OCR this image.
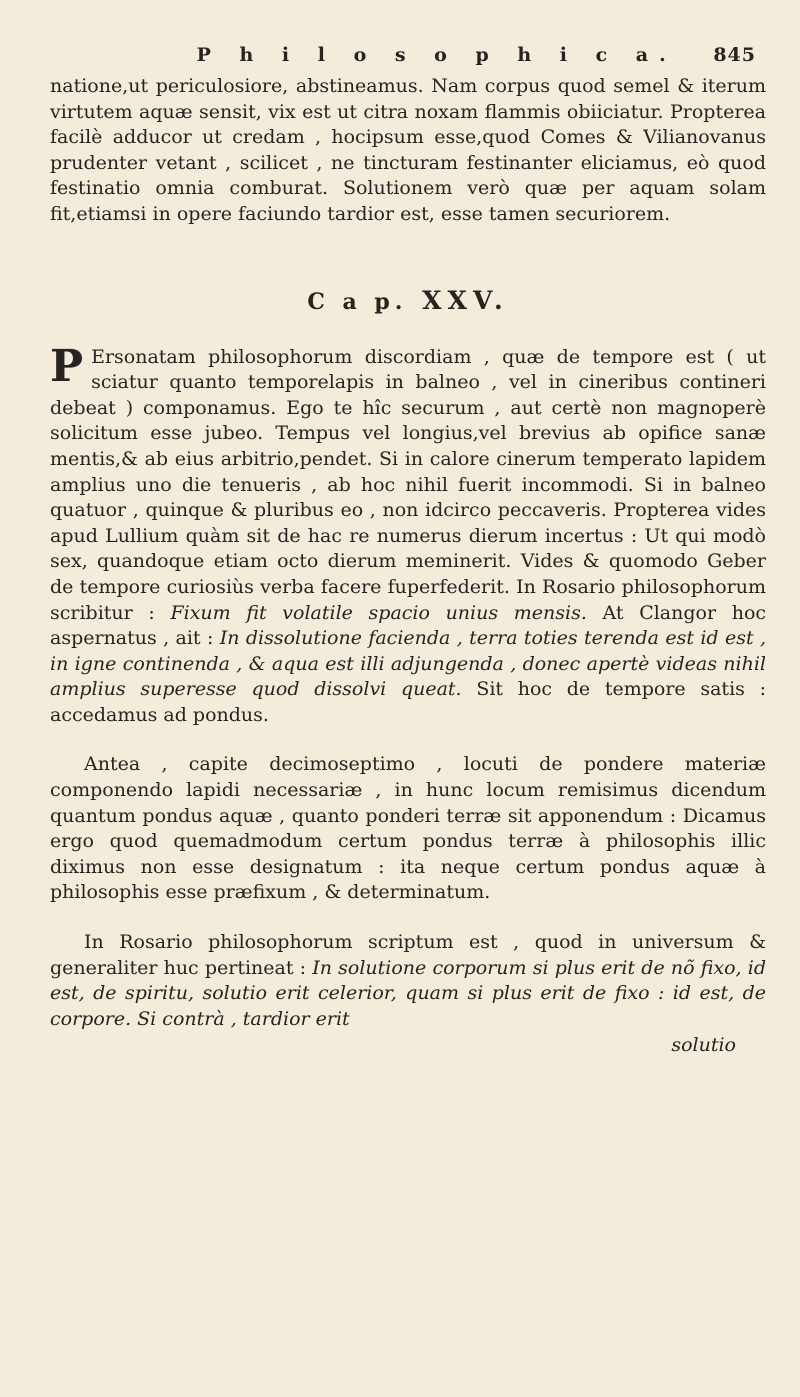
P h i l o s o p h i c a.	845

natione,ut periculosiore, abstineamus. Nam corpus quod semel & iterum virtutem aquæ sensit, vix est ut citra noxam flammis obiiciatur. Propterea facilè adducor ut credam , hocipsum esse,quod Comes & Vilianovanus prudenter vetant , scilicet , ne tincturam festinanter eliciamus, eò quod festinatio omnia comburat. Solutionem verò quæ per aquam solam fit,etiamsi in opere faciundo tardior est, esse tamen securiorem.

C a p. XXV.

P Ersonatam philosophorum discordiam , quæ de tempore est ( ut sciatur quanto temporelapis in balneo , vel in cineribus contineri debeat ) componamus. Ego te hîc securum , aut certè non magnoperè solicitum esse jubeo. Tempus vel longius,vel brevius ab opifice sanæ mentis,& ab eius arbitrio,pendet. Si in calore cinerum temperato lapidem amplius uno die tenueris , ab hoc nihil fuerit incommodi. Si in balneo quatuor , quinque & pluribus eo , non idcirco peccaveris. Propterea vides apud Lullium quàm sit de hac re numerus dierum incertus : Ut qui modò sex, quandoque etiam octo dierum meminerit. Vides & quomodo Geber de tempore curiosiùs verba facere fuperfederit. In Rosario philosophorum scribitur : Fixum fit volatile spacio unius mensis. At Clangor hoc aspernatus , ait : In dissolutione facienda , terra toties terenda est id est , in igne continenda , & aqua est illi adjungenda , donec apertè videas nihil amplius superesse quod dissolvi queat. Sit hoc de tempore satis : accedamus ad pondus.

Antea , capite decimoseptimo , locuti de pondere materiæ componendo lapidi necessariæ , in hunc locum remisimus dicendum quantum pondus aquæ , quanto ponderi terræ sit apponendum : Dicamus ergo quod quemadmodum certum pondus terræ à philosophis illic diximus non esse designatum : ita neque certum pondus aquæ à philosophis esse præfixum , & determinatum.

In Rosario philosophorum scriptum est , quod in universum & generaliter huc pertineat : In solutione corporum si plus erit de nõ fixo, id est, de spiritu, solutio erit celerior, quam si plus erit de fixo : id est, de corpore. Si contrà , tardior erit

solutio
